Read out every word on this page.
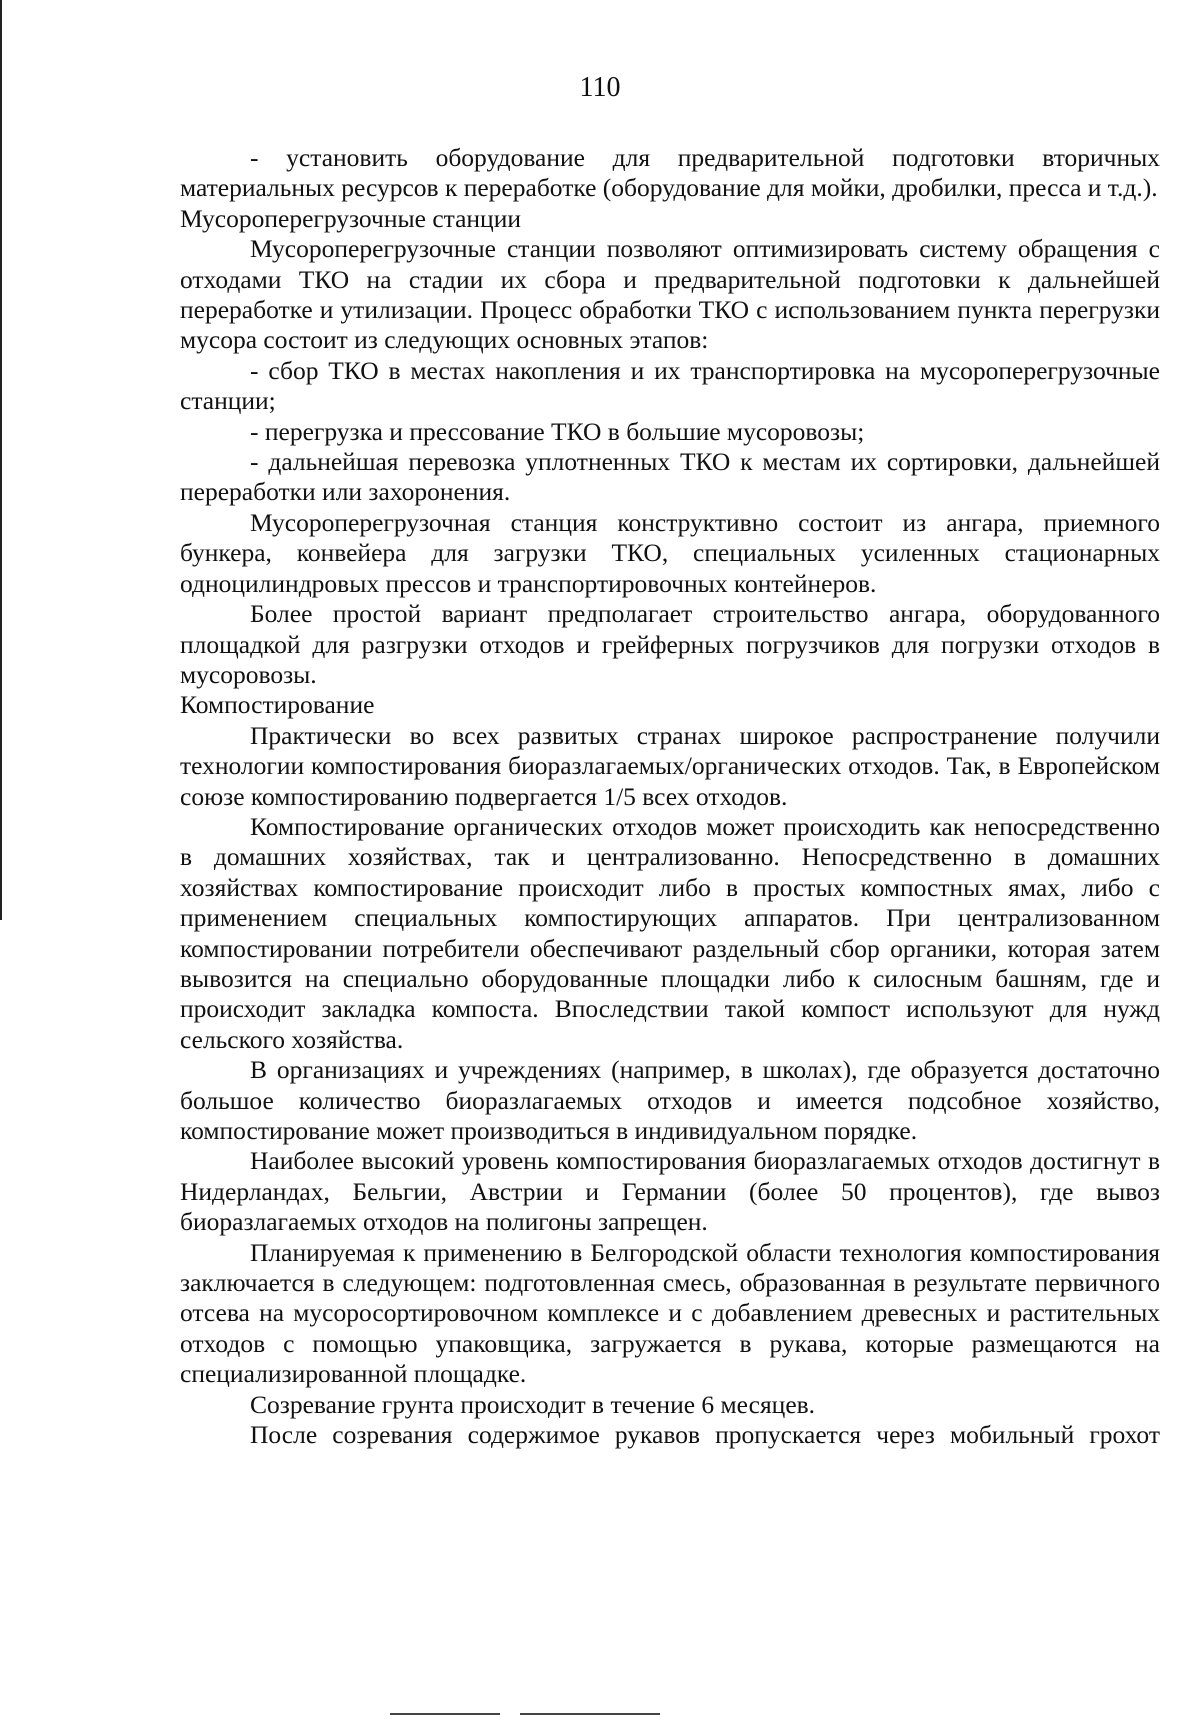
110

- установить оборудование для предварительной подготовки вторичных материальных ресурсов к переработке (оборудование для мойки, дробилки, пресса и т.д.).

Мусороперегрузочные станции

Мусороперегрузочные станции позволяют оптимизировать систему обращения с отходами ТКО на стадии их сбора и предварительной подготовки к дальнейшей переработке и утилизации. Процесс обработки ТКО с использованием пункта перегрузки мусора состоит из следующих основных этапов:

- сбор ТКО в местах накопления и их транспортировка на мусороперегрузочные станции;

- перегрузка и прессование ТКО в большие мусоровозы;

- дальнейшая перевозка уплотненных ТКО к местам их сортировки, дальнейшей переработки или захоронения.

Мусороперегрузочная станция конструктивно состоит из ангара, приемного бункера, конвейера для загрузки ТКО, специальных усиленных стационарных одноцилиндровых прессов и транспортировочных контейнеров.

Более простой вариант предполагает строительство ангара, оборудованного площадкой для разгрузки отходов и грейферных погрузчиков для погрузки отходов в мусоровозы.

Компостирование

Практически во всех развитых странах широкое распространение получили технологии компостирования биоразлагаемых/органических отходов. Так, в Европейском союзе компостированию подвергается 1/5 всех отходов.

Компостирование органических отходов может происходить как непосредственно в домашних хозяйствах, так и централизованно. Непосредственно в домашних хозяйствах компостирование происходит либо в простых компостных ямах, либо с применением специальных компостирующих аппаратов. При централизованном компостировании потребители обеспечивают раздельный сбор органики, которая затем вывозится на специально оборудованные площадки либо к силосным башням, где и происходит закладка компоста. Впоследствии такой компост используют для нужд сельского хозяйства.

В организациях и учреждениях (например, в школах), где образуется достаточно большое количество биоразлагаемых отходов и имеется подсобное хозяйство, компостирование может производиться в индивидуальном порядке.

Наиболее высокий уровень компостирования биоразлагаемых отходов достигнут в Нидерландах, Бельгии, Австрии и Германии (более 50 процентов), где вывоз биоразлагаемых отходов на полигоны запрещен.

Планируемая к применению в Белгородской области технология компостирования заключается в следующем: подготовленная смесь, образованная в результате первичного отсева на мусоросортировочном комплексе и с добавлением древесных и растительных отходов с помощью упаковщика, загружается в рукава, которые размещаются на специализированной площадке.

Созревание грунта происходит в течение 6 месяцев.

После созревания содержимое рукавов пропускается через мобильный грохот
